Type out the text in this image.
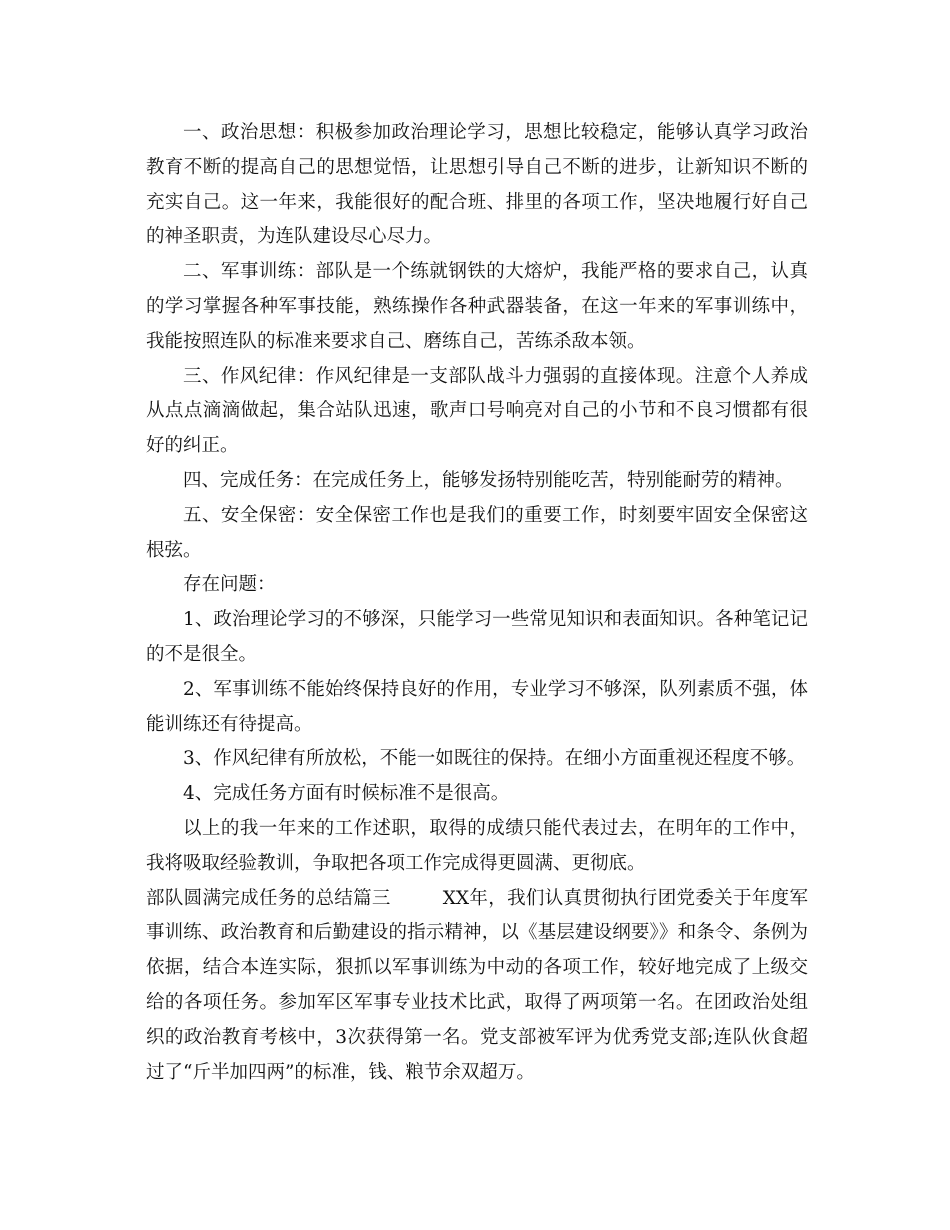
一、政治思想：积极参加政治理论学习，思想比较稳定，能够认真学习政治教育不断的提高自己的思想觉悟，让思想引导自己不断的进步，让新知识不断的充实自己。这一年来，我能很好的配合班、排里的各项工作，坚决地履行好自己的神圣职责，为连队建设尽心尽力。

二、军事训练：部队是一个练就钢铁的大熔炉，我能严格的要求自己，认真的学习掌握各种军事技能，熟练操作各种武器装备，在这一年来的军事训练中，我能按照连队的标准来要求自己、磨练自己，苦练杀敌本领。

三、作风纪律：作风纪律是一支部队战斗力强弱的直接体现。注意个人养成从点点滴滴做起，集合站队迅速，歌声口号响亮对自己的小节和不良习惯都有很好的纠正。

四、完成任务：在完成任务上，能够发扬特别能吃苦，特别能耐劳的精神。

五、安全保密：安全保密工作也是我们的重要工作，时刻要牢固安全保密这根弦。

存在问题：

1、政治理论学习的不够深，只能学习一些常见知识和表面知识。各种笔记记的不是很全。

2、军事训练不能始终保持良好的作用，专业学习不够深，队列素质不强，体能训练还有待提高。

3、作风纪律有所放松，不能一如既往的保持。在细小方面重视还程度不够。

4、完成任务方面有时候标准不是很高。

以上的我一年来的工作述职，取得的成绩只能代表过去，在明年的工作中，我将吸取经验教训，争取把各项工作完成得更圆满、更彻底。

部队圆满完成任务的总结篇三	XX年，我们认真贯彻执行团党委关于年度军事训练、政治教育和后勤建设的指示精神，以《基层建设纲要》》和条令、条例为依据，结合本连实际，狠抓以军事训练为中动的各项工作，较好地完成了上级交给的各项任务。参加军区军事专业技术比武，取得了两项第一名。在团政治处组织的政治教育考核中，3次获得第一名。党支部被军评为优秀党支部;连队伙食超过了“斤半加四两”的标准，钱、粮节余双超万。
